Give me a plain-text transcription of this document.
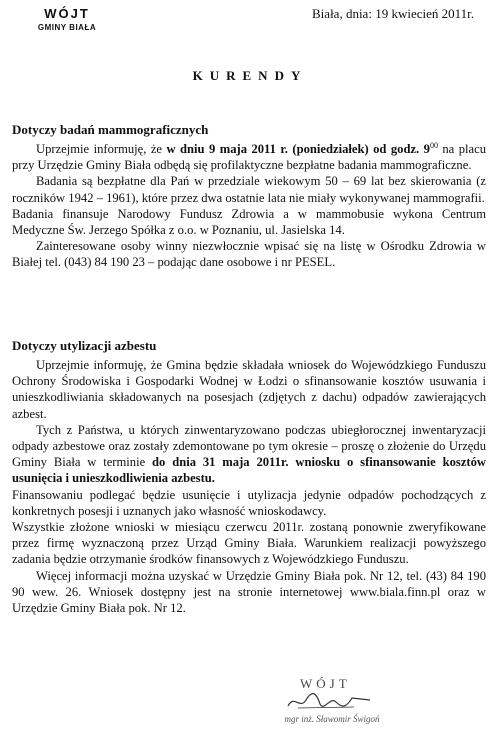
WÓJT
GMINY BIAŁA
Biała, dnia: 19 kwiecień 2011r.
KURENDY
Dotyczy badań mammograficznych

Uprzejmie informuję, że w dniu 9 maja 2011 r. (poniedziałek) od godz. $9^{00}$ na placu przy Urzędzie Gminy Biała odbędą się profilaktyczne bezpłatne badania mammograficzne.

Badania są bezpłatne dla Pań w przedziale wiekowym 50 – 69 lat bez skierowania (z roczników 1942 – 1961), które przez dwa ostatnie lata nie miały wykonywanej mammografii.

Badania finansuje Narodowy Fundusz Zdrowia a w mammobusie wykona Centrum Medyczne Św. Jerzego Spółka z o.o. w Poznaniu, ul. Jasielska 14.

Zainteresowane osoby winny niezwłocznie wpisać się na listę w Ośrodku Zdrowia w Białej tel. (043) 84 190 23 – podając dane osobowe i nr PESEL.

Dotyczy utylizacji azbestu

Uprzejmie informuję, że Gmina będzie składała wniosek do Wojewódzkiego Funduszu Ochrony Środowiska i Gospodarki Wodnej w Łodzi o sfinansowanie kosztów usuwania i unieszkodliwiania składowanych na posesjach (zdjętych z dachu) odpadów zawierających azbest.

Tych z Państwa, u których zinwentaryzowano podczas ubiegłorocznej inwentaryzacji odpady azbestowe oraz zostały zdemontowane po tym okresie – proszę o złożenie do Urzędu Gminy Biała w terminie do dnia 31 maja 2011r. wniosku o sfinansowanie kosztów usunięcia i unieszkodliwienia azbestu.

Finansowaniu podlegać będzie usunięcie i utylizacja jedynie odpadów pochodzących z konkretnych posesji i uznanych jako własność wnioskodawcy.

Wszystkie złożone wnioski w miesiącu czerwcu 2011r. zostaną ponownie zweryfikowane przez firmę wyznaczoną przez Urząd Gminy Biała. Warunkiem realizacji powyższego zadania będzie otrzymanie środków finansowych z Wojewódzkiego Funduszu.

Więcej informacji można uzyskać w Urzędzie Gminy Biała pok. Nr 12, tel. (43) 84 190 90 wew. 26. Wniosek dostępny jest na stronie internetowej www.biala.finn.pl oraz w Urzędzie Gminy Biała pok. Nr 12.

WÓJT
mgr inż. Sławomir Świgoń
